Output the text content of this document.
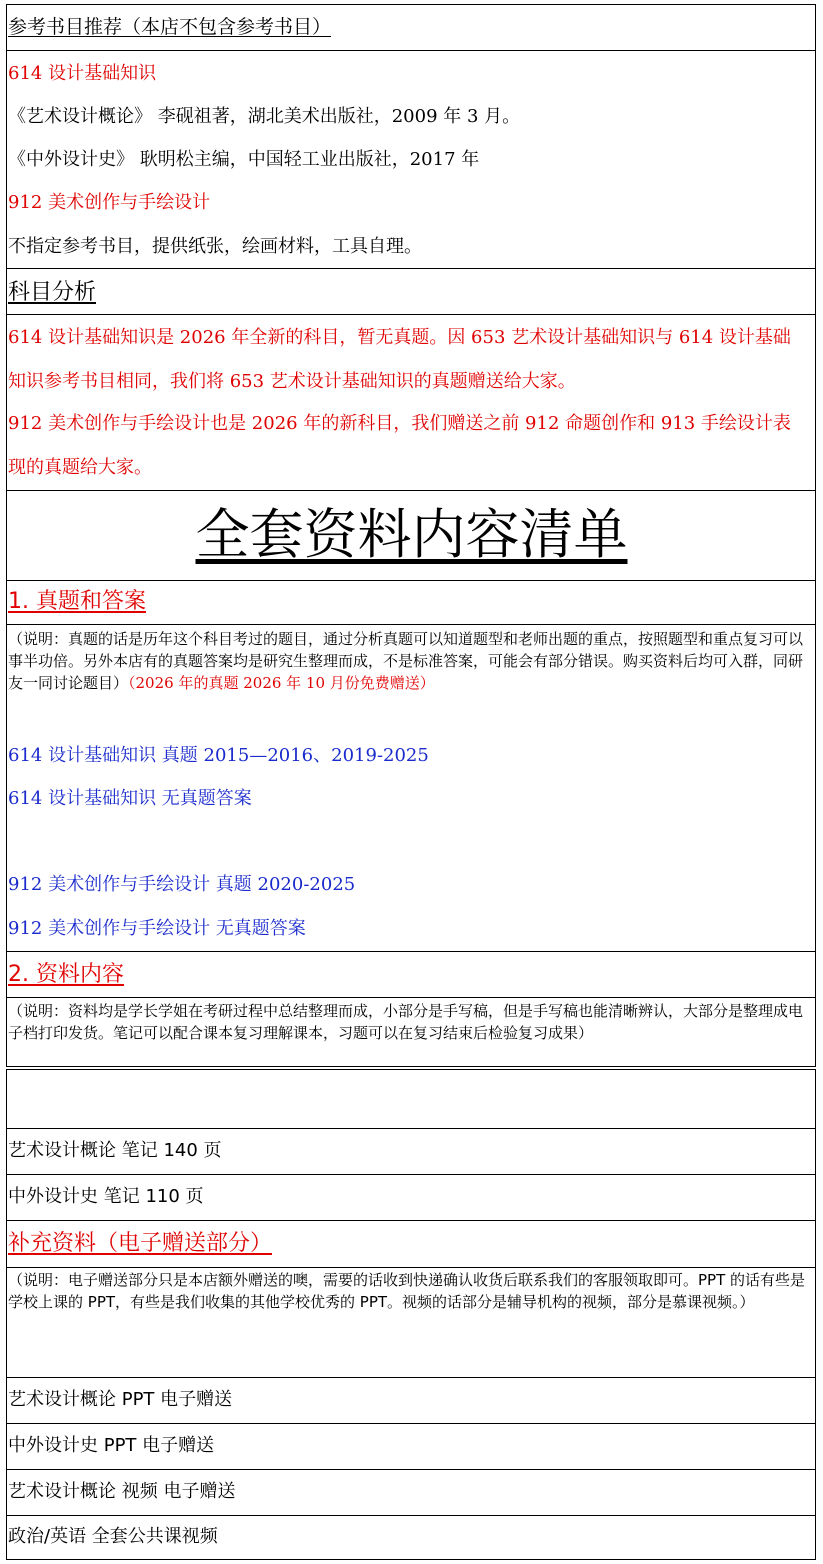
参考书目推荐（本店不包含参考书目）
614 设计基础知识
《艺术设计概论》 李砚祖著，湖北美术出版社，2009 年 3 月。
《中外设计史》 耿明松主编，中国轻工业出版社，2017 年
912 美术创作与手绘设计
不指定参考书目，提供纸张，绘画材料，工具自理。
科目分析
614 设计基础知识是 2026 年全新的科目，暂无真题。因 653 艺术设计基础知识与 614 设计基础
知识参考书目相同，我们将 653 艺术设计基础知识的真题赠送给大家。
912 美术创作与手绘设计也是 2026 年的新科目，我们赠送之前 912 命题创作和 913 手绘设计表
现的真题给大家。
全套资料内容清单
1. 真题和答案
（说明：真题的话是历年这个科目考过的题目，通过分析真题可以知道题型和老师出题的重点，按照题型和重点复习可以事半功倍。另外本店有的真题答案均是研究生整理而成，不是标准答案，可能会有部分错误。购买资料后均可入群，同研友一同讨论题目）（2026 年的真题 2026 年 10 月份免费赠送）
614 设计基础知识 真题 2015—2016、2019-2025
614 设计基础知识 无真题答案
912 美术创作与手绘设计 真题 2020-2025
912 美术创作与手绘设计 无真题答案
2. 资料内容
（说明：资料均是学长学姐在考研过程中总结整理而成，小部分是手写稿，但是手写稿也能清晰辨认，大部分是整理成电子档打印发货。笔记可以配合课本复习理解课本，习题可以在复习结束后检验复习成果）
艺术设计概论 笔记 140 页
中外设计史 笔记 110 页
补充资料（电子赠送部分）
（说明：电子赠送部分只是本店额外赠送的噢，需要的话收到快递确认收货后联系我们的客服领取即可。PPT 的话有些是学校上课的 PPT，有些是我们收集的其他学校优秀的 PPT。视频的话部分是辅导机构的视频，部分是慕课视频。）
艺术设计概论 PPT 电子赠送
中外设计史 PPT 电子赠送
艺术设计概论 视频 电子赠送
政治/英语 全套公共课视频
